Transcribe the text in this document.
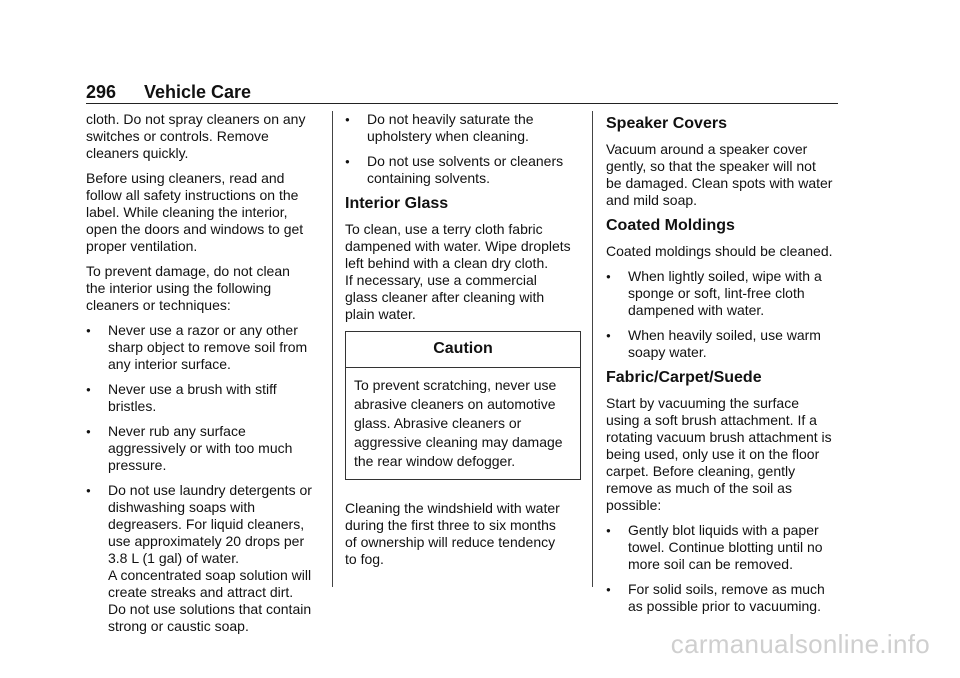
296 Vehicle Care

cloth. Do not spray cleaners on any
switches or controls. Remove
cleaners quickly.

Before using cleaners, read and
follow all safety instructions on the
label. While cleaning the interior,
open the doors and windows to get
proper ventilation.

To prevent damage, do not clean
the interior using the following
cleaners or techniques:

● Never use a razor or any other
sharp object to remove soil from
any interior surface.
● Never use a brush with stiff
bristles.
● Never rub any surface
aggressively or with too much
pressure.
● Do not use laundry detergents or
dishwashing soaps with
degreasers. For liquid cleaners,
use approximately 20 drops per
3.8 L (1 gal) of water.
A concentrated soap solution will
create streaks and attract dirt.
Do not use solutions that contain
strong or caustic soap.
● Do not heavily saturate the
upholstery when cleaning.
● Do not use solvents or cleaners
containing solvents.
Interior Glass

To clean, use a terry cloth fabric
dampened with water. Wipe droplets
left behind with a clean dry cloth.
If necessary, use a commercial
glass cleaner after cleaning with
plain water.

Caution
To prevent scratching, never use
abrasive cleaners on automotive
glass. Abrasive cleaners or
aggressive cleaning may damage
the rear window defogger.

Cleaning the windshield with water
during the first three to six months
of ownership will reduce tendency
to fog.

Speaker Covers

Vacuum around a speaker cover
gently, so that the speaker will not
be damaged. Clean spots with water
and mild soap.

Coated Moldings

Coated moldings should be cleaned.

● When lightly soiled, wipe with a
sponge or soft, lint-free cloth
dampened with water.
● When heavily soiled, use warm
soapy water.
Fabric/Carpet/Suede

Start by vacuuming the surface
using a soft brush attachment. If a
rotating vacuum brush attachment is
being used, only use it on the floor
carpet. Before cleaning, gently
remove as much of the soil as
possible:

● Gently blot liquids with a paper
towel. Continue blotting until no
more soil can be removed.
● For solid soils, remove as much
as possible prior to vacuuming.
carmanualsonline.info
